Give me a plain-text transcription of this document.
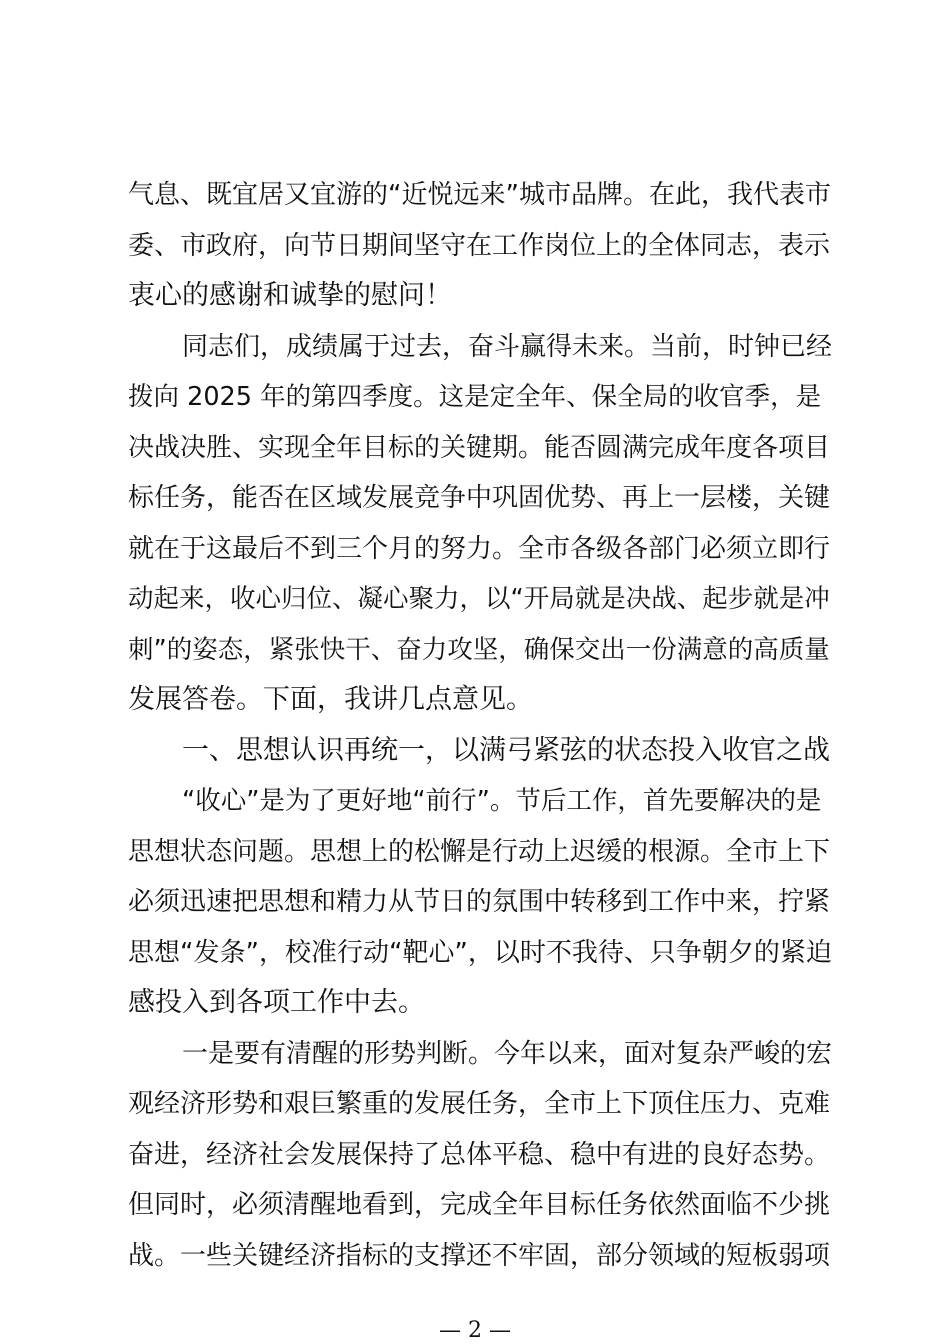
气息、既宜居又宜游的“近悦远来”城市品牌。在此，我代表市
委、市政府，向节日期间坚守在工作岗位上的全体同志，表示
衷心的感谢和诚挚的慰问！
同志们，成绩属于过去，奋斗赢得未来。当前，时钟已经
拨向 2025 年的第四季度。这是定全年、保全局的收官季，是
决战决胜、实现全年目标的关键期。能否圆满完成年度各项目
标任务，能否在区域发展竞争中巩固优势、再上一层楼，关键
就在于这最后不到三个月的努力。全市各级各部门必须立即行
动起来，收心归位、凝心聚力，以“开局就是决战、起步就是冲
刺”的姿态，紧张快干、奋力攻坚，确保交出一份满意的高质量
发展答卷。下面，我讲几点意见。
一、思想认识再统一，以满弓紧弦的状态投入收官之战
“收心”是为了更好地“前行”。节后工作，首先要解决的是
思想状态问题。思想上的松懈是行动上迟缓的根源。全市上下
必须迅速把思想和精力从节日的氛围中转移到工作中来，拧紧
思想“发条”，校准行动“靶心”，以时不我待、只争朝夕的紧迫
感投入到各项工作中去。
一是要有清醒的形势判断。今年以来，面对复杂严峻的宏
观经济形势和艰巨繁重的发展任务，全市上下顶住压力、克难
奋进，经济社会发展保持了总体平稳、稳中有进的良好态势。
但同时，必须清醒地看到，完成全年目标任务依然面临不少挑
战。一些关键经济指标的支撑还不牢固，部分领域的短板弱项
— 2 —
